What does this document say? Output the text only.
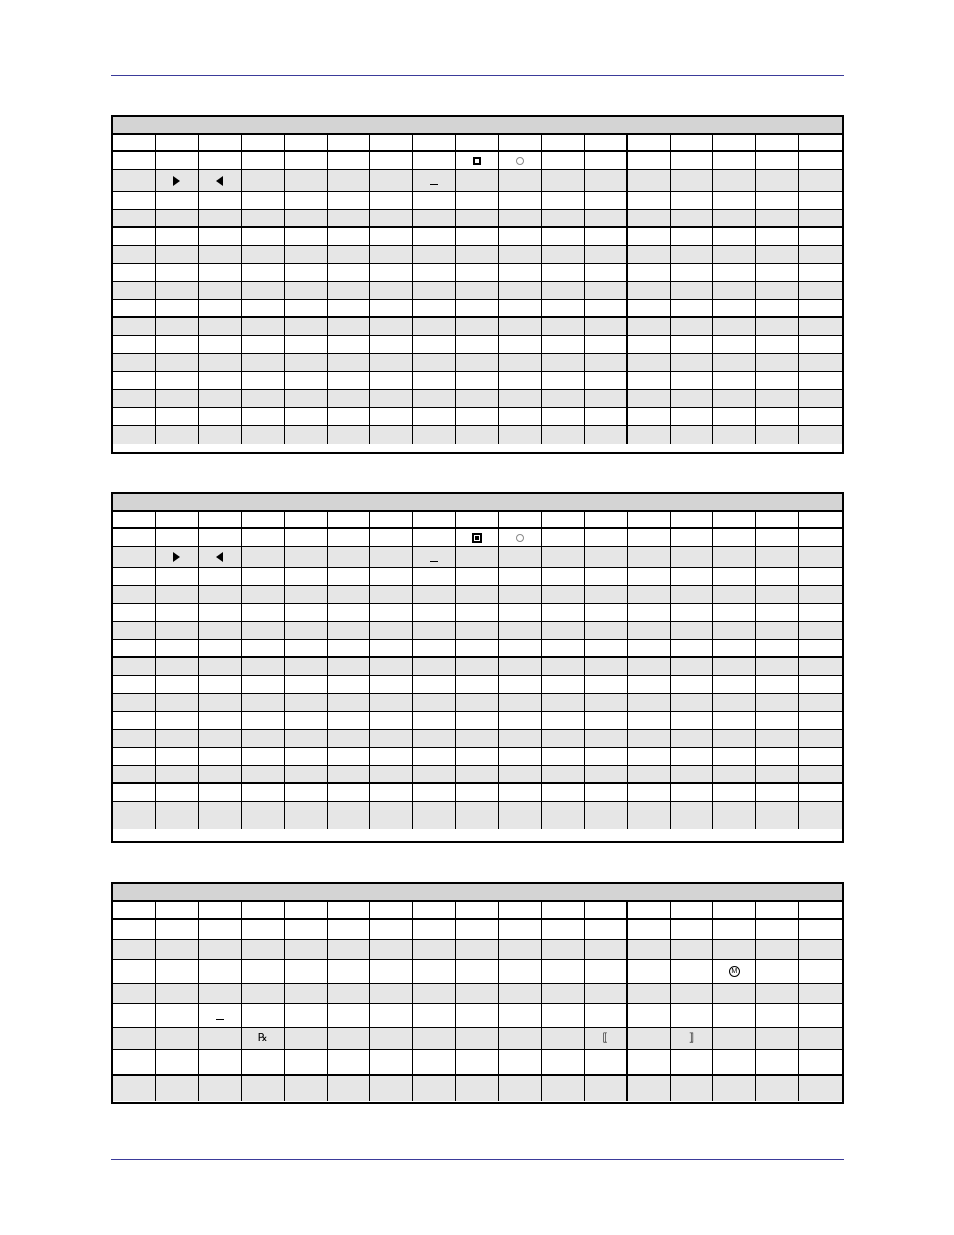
M
℞	⟦	⟧
